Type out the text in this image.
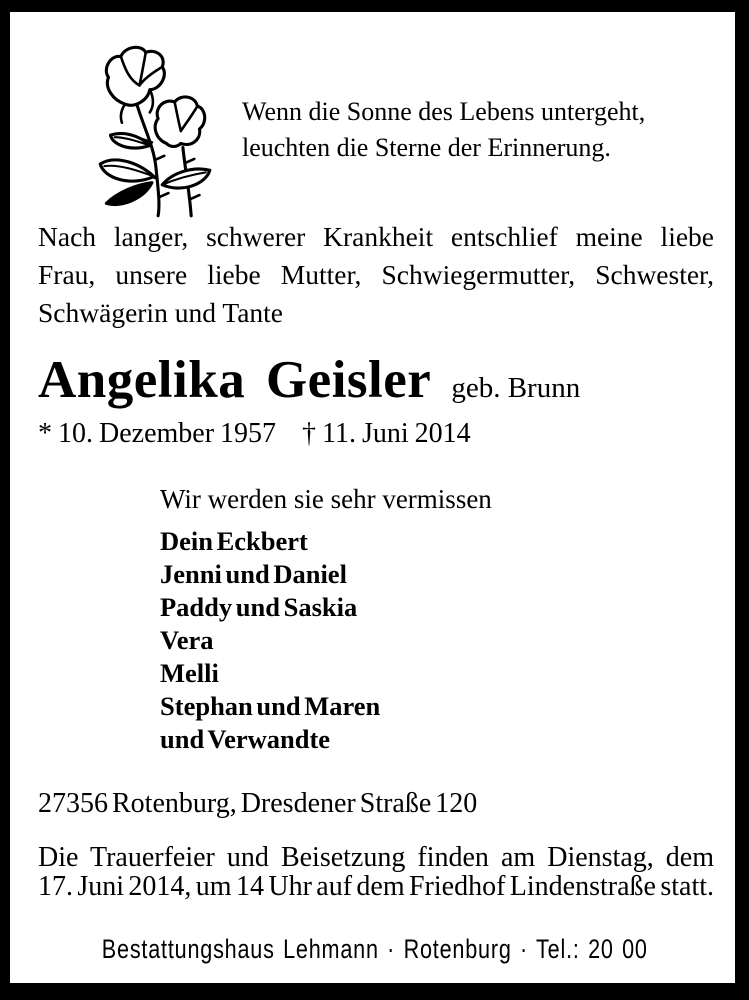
Wenn die Sonne des Lebens untergeht,
leuchten die Sterne der Erinnerung.
Nach langer, schwerer Krankheit entschlief meine liebe
Frau, unsere liebe Mutter, Schwiegermutter, Schwester,
Schwägerin und Tante
Angelika Geisler geb. Brunn
* 10. Dezember 1957 † 11. Juni 2014
Wir werden sie sehr vermissen
Dein Eckbert
Jenni und Daniel
Paddy und Saskia
Vera
Melli
Stephan und Maren
und Verwandte
27356 Rotenburg, Dresdener Straße 120
Die Trauerfeier und Beisetzung finden am Dienstag, dem
17. Juni 2014, um 14 Uhr auf dem Friedhof Lindenstraße statt.
Bestattungshaus Lehmann · Rotenburg · Tel.: 20 00
